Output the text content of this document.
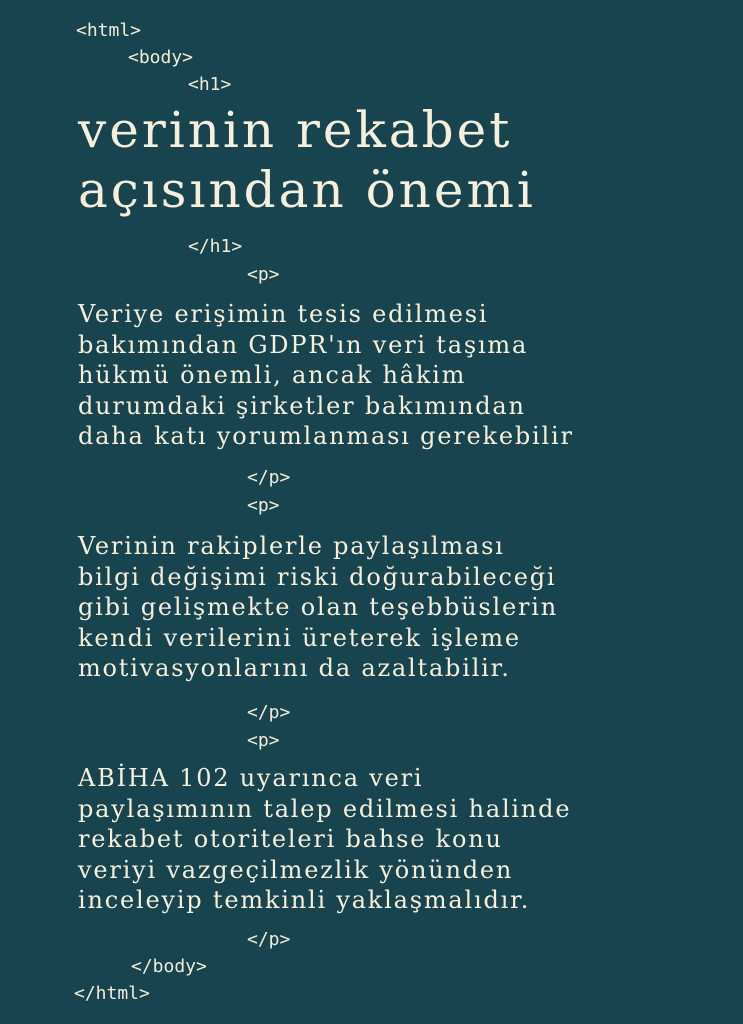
<html>
<body>
<h1>
verinin rekabet
açısından önemi
</h1>
<p>
Veriye erişimin tesis edilmesi
bakımından GDPR'ın veri taşıma
hükmü önemli, ancak hâkim
durumdaki şirketler bakımından
daha katı yorumlanması gerekebilir
</p>
<p>
Verinin rakiplerle paylaşılması
bilgi değişimi riski doğurabileceği
gibi gelişmekte olan teşebbüslerin
kendi verilerini üreterek işleme
motivasyonlarını da azaltabilir.
</p>
<p>
ABİHA 102 uyarınca veri
paylaşımının talep edilmesi halinde
rekabet otoriteleri bahse konu
veriyi vazgeçilmezlik yönünden
inceleyip temkinli yaklaşmalıdır.
</p>
</body>
</html>
